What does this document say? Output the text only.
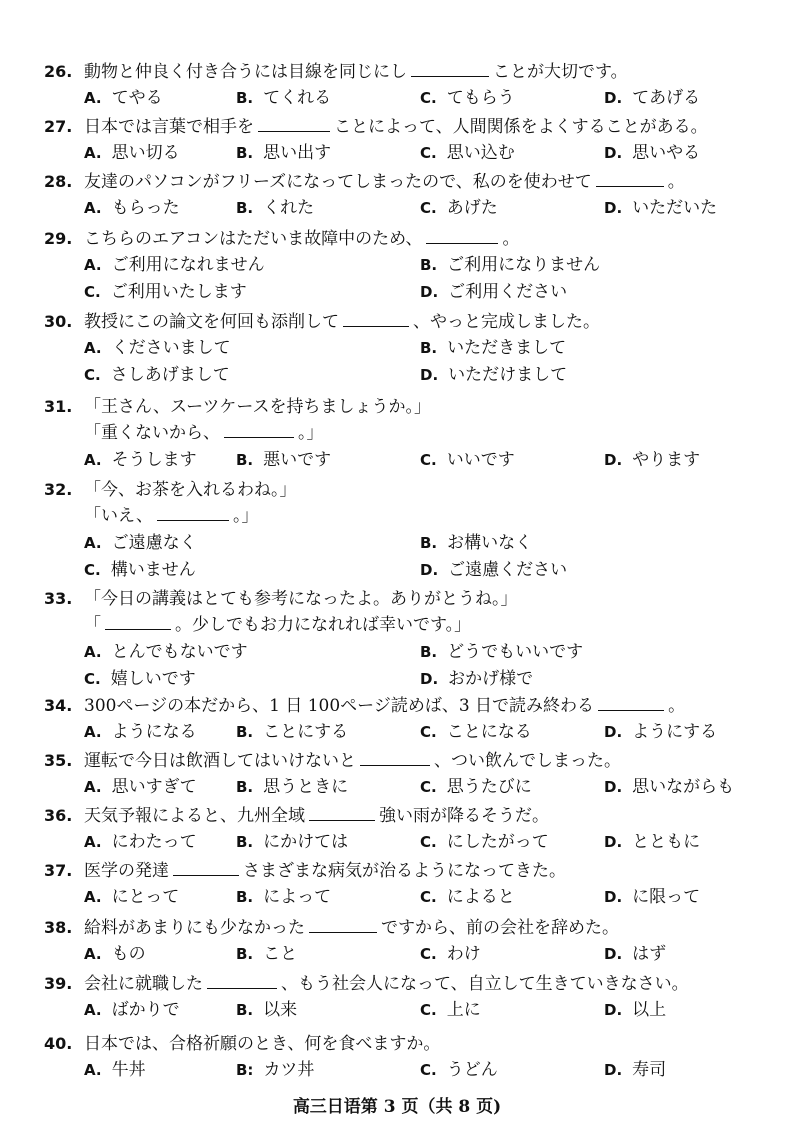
26. 動物と仲良く付き合うには目線を同じにし	ことが大切です。
A. てやる	B. てくれる	C. てもらう	D. てあげる
27. 日本では言葉で相手を	ことによって、人間関係をよくすることがある。
A. 思い切る	B. 思い出す	C. 思い込む	D. 思いやる
28. 友達のパソコンがフリーズになってしまったので、私のを使わせて	。
A. もらった	B. くれた	C. あげた	D. いただいた
29. こちらのエアコンはただいま故障中のため、	。
A. ご利用になれません	B. ご利用になりません
C. ご利用いたします	D. ご利用ください
30. 教授にこの論文を何回も添削して	、やっと完成しました。
A. くださいまして	B. いただきまして
C. さしあげまして	D. いただけまして
31. 「王さん、スーツケースを持ちましょうか。」
「重くないから、	。」
A. そうします	B. 悪いです	C. いいです	D. やります
32. 「今、お茶を入れるわね。」
「いえ、	。」
A. ご遠慮なく	B. お構いなく
C. 構いません	D. ご遠慮ください
33. 「今日の講義はとても参考になったよ。ありがとうね。」
「	。少しでもお力になれれば幸いです。」
A. とんでもないです	B. どうでもいいです
C. 嬉しいです	D. おかげ様で
34. 300ページの本だから、1 日 100ページ読めば、3 日で読み終わる	。
A. ようになる	B. ことにする	C. ことになる	D. ようにする
35. 運転で今日は飲酒してはいけないと	、つい飲んでしまった。
A. 思いすぎて	B. 思うときに	C. 思うたびに	D. 思いながらも
36. 天気予報によると、九州全域	強い雨が降るそうだ。
A. にわたって	B. にかけては	C. にしたがって	D. とともに
37. 医学の発達	さまざまな病気が治るようになってきた。
A. にとって	B. によって	C. によると	D. に限って
38. 給料があまりにも少なかった	ですから、前の会社を辞めた。
A. もの	B. こと	C. わけ	D. はず
39. 会社に就職した	、もう社会人になって、自立して生きていきなさい。
A. ばかりで	B. 以来	C. 上に	D. 以上
40. 日本では、合格祈願のとき、何を食べますか。
A. 牛丼	B: カツ丼	C. うどん	D. 寿司
高三日语第 3 页（共 8 页)
